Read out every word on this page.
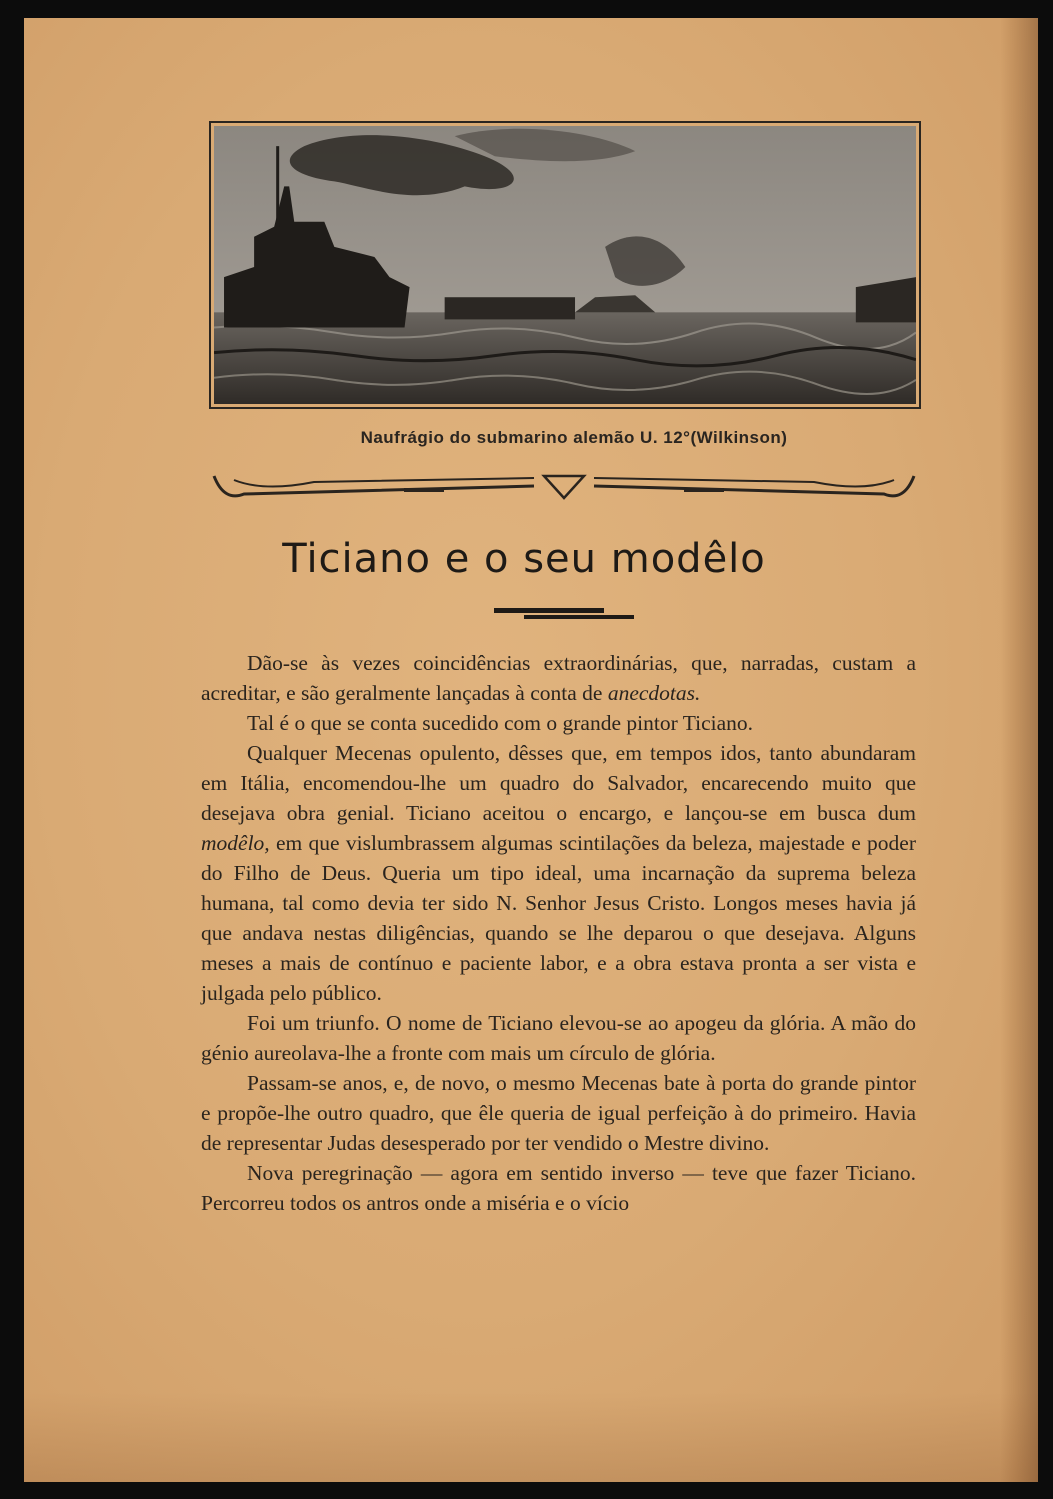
Naufrágio do submarino alemão U. 12°(Wilkinson)
Ticiano e o seu modêlo

Dão-se às vezes coincidências extraordinárias, que, narradas, custam a acreditar, e são geralmente lançadas à conta de anecdotas.

Tal é o que se conta sucedido com o grande pintor Ticiano.

Qualquer Mecenas opulento, dêsses que, em tempos idos, tanto abundaram em Itália, encomendou-lhe um quadro do Salvador, encarecendo muito que desejava obra genial. Ticiano aceitou o encargo, e lançou-se em busca dum modêlo, em que vislumbrassem algumas scintilações da beleza, majestade e poder do Filho de Deus. Queria um tipo ideal, uma incarnação da suprema beleza humana, tal como devia ter sido N. Senhor Jesus Cristo. Longos meses havia já que andava nestas diligências, quando se lhe deparou o que desejava. Alguns meses a mais de contínuo e paciente labor, e a obra estava pronta a ser vista e julgada pelo público.

Foi um triunfo. O nome de Ticiano elevou-se ao apogeu da glória. A mão do génio aureolava-lhe a fronte com mais um círculo de glória.

Passam-se anos, e, de novo, o mesmo Mecenas bate à porta do grande pintor e propõe-lhe outro quadro, que êle queria de igual perfeição à do primeiro. Havia de representar Judas desesperado por ter vendido o Mestre divino.

Nova peregrinação — agora em sentido inverso — teve que fazer Ticiano. Percorreu todos os antros onde a miséria e o vício
